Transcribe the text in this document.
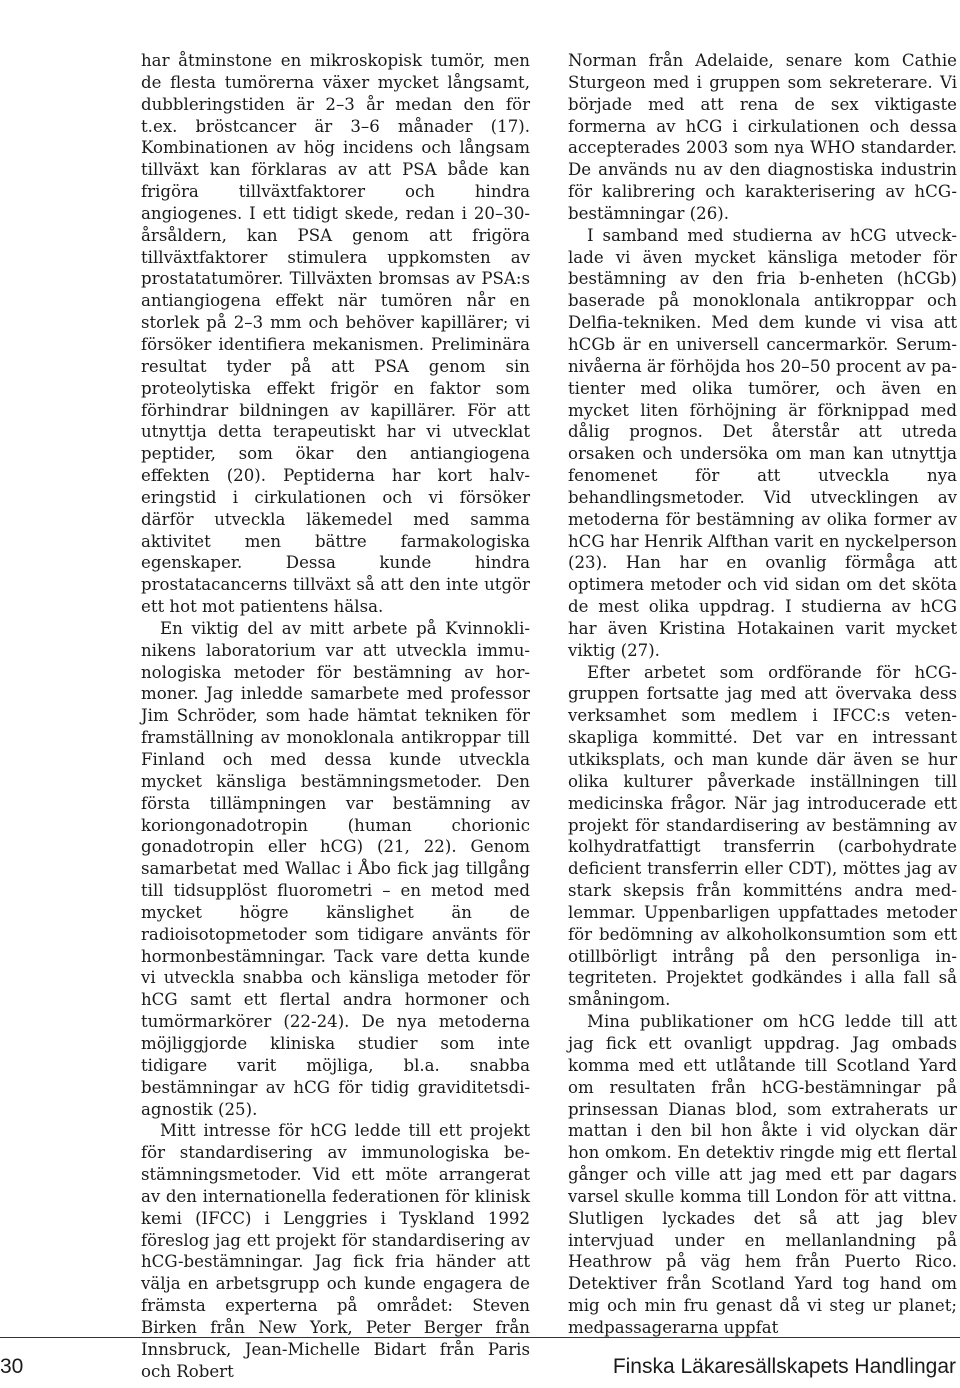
har åtminstone en mikroskopisk tumör, men de flesta tumörerna växer mycket långsamt, dubbleringstiden är 2–3 år medan den för t.ex. bröstcancer är 3–6 månader (17). Kombinationen av hög incidens och långsam tillväxt kan förklaras av att PSA både kan frigöra tillväxtfaktorer och hindra angiogenes. I ett tidigt skede, redan i 20–30-årsåldern, kan PSA genom att frigöra tillväxtfaktorer stimulera uppkomsten av prostatatumörer. Tillväxten bromsas av PSA:s antiangiogena effekt när tumören når en storlek på 2–3 mm och behöver kapillärer; vi försöker identifiera mekanismen. Preliminära resultat tyder på att PSA genom sin proteolytiska effekt frigör en faktor som förhindrar bildningen av kapillärer. För att utnyttja detta terapeutiskt har vi utvecklat peptider, som ökar den antiangiogena effekten (20). Peptiderna har kort halveringstid i cirkulationen och vi försöker därför utveckla läkemedel med samma aktivitet men bättre farmakologiska egenskaper. Dessa kunde hindra prostatacancerns tillväxt så att den inte utgör ett hot mot patientens hälsa.

En viktig del av mitt arbete på Kvinnoklinikens laboratorium var att utveckla immunologiska metoder för bestämning av hormoner. Jag inledde samarbete med professor Jim Schröder, som hade hämtat tekniken för framställning av monoklonala antikroppar till Finland och med dessa kunde utveckla mycket känsliga bestämningsmetoder. Den första tillämpningen var bestämning av koriongonadotropin (human chorionic gonadotropin eller hCG) (21, 22). Genom samarbetat med Wallac i Åbo fick jag tillgång till tidsupplöst fluorometri – en metod med mycket högre känslighet än de radioisotopmetoder som tidigare använts för hormonbestämningar. Tack vare detta kunde vi utveckla snabba och känsliga metoder för hCG samt ett flertal andra hormoner och tumörmarkörer (22-24). De nya metoderna möjliggjorde kliniska studier som inte tidigare varit möjliga, bl.a. snabba bestämningar av hCG för tidig graviditetsdiagnostik (25).

Mitt intresse för hCG ledde till ett projekt för standardisering av immunologiska bestämningsmetoder. Vid ett möte arrangerat av den internationella federationen för klinisk kemi (IFCC) i Lenggries i Tyskland 1992 föreslog jag ett projekt för standardisering av hCG-bestämningar. Jag fick fria händer att välja en arbetsgrupp och kunde engagera de främsta experterna på området: Steven Birken från New York, Peter Berger från Innsbruck, Jean-Michelle Bidart från Paris och Robert

Norman från Adelaide, senare kom Cathie Sturgeon med i gruppen som sekreterare. Vi började med att rena de sex viktigaste formerna av hCG i cirkulationen och dessa accepterades 2003 som nya WHO standarder. De används nu av den diagnostiska industrin för kalibrering och karakterisering av hCG-bestämningar (26).

I samband med studierna av hCG utvecklade vi även mycket känsliga metoder för bestämning av den fria b-enheten (hCGb) baserade på monoklonala antikroppar och Delfia-tekniken. Med dem kunde vi visa att hCGb är en universell cancermarkör. Serumnivåerna är förhöjda hos 20–50 procent av patienter med olika tumörer, och även en mycket liten förhöjning är förknippad med dålig prognos. Det återstår att utreda orsaken och undersöka om man kan utnyttja fenomenet för att utveckla nya behandlingsmetoder. Vid utvecklingen av metoderna för bestämning av olika former av hCG har Henrik Alfthan varit en nyckelperson (23). Han har en ovanlig förmåga att optimera metoder och vid sidan om det sköta de mest olika uppdrag. I studierna av hCG har även Kristina Hotakainen varit mycket viktig (27).

Efter arbetet som ordförande för hCG-gruppen fortsatte jag med att övervaka dess verksamhet som medlem i IFCC:s vetenskapliga kommitté. Det var en intressant utkiksplats, och man kunde där även se hur olika kulturer påverkade inställningen till medicinska frågor. När jag introducerade ett projekt för standardisering av bestämning av kolhydratfattigt transferrin (carbohydrate deficient transferrin eller CDT), möttes jag av stark skepsis från kommitténs andra medlemmar. Uppenbarligen uppfattades metoder för bedömning av alkoholkonsumtion som ett otillbörligt intrång på den personliga integriteten. Projektet godkändes i alla fall så småningom.

Mina publikationer om hCG ledde till att jag fick ett ovanligt uppdrag. Jag ombads komma med ett utlåtande till Scotland Yard om resultaten från hCG-bestämningar på prinsessan Dianas blod, som extraherats ur mattan i den bil hon åkte i vid olyckan där hon omkom. En detektiv ringde mig ett flertal gånger och ville att jag med ett par dagars varsel skulle komma till London för att vittna. Slutligen lyckades det så att jag blev intervjuad under en mellanlandning på Heathrow på väg hem från Puerto Rico. Detektiver från Scotland Yard tog hand om mig och min fru genast då vi steg ur planet; medpassagerarna uppfat

30	Finska Läkaresällskapets Handlingar
